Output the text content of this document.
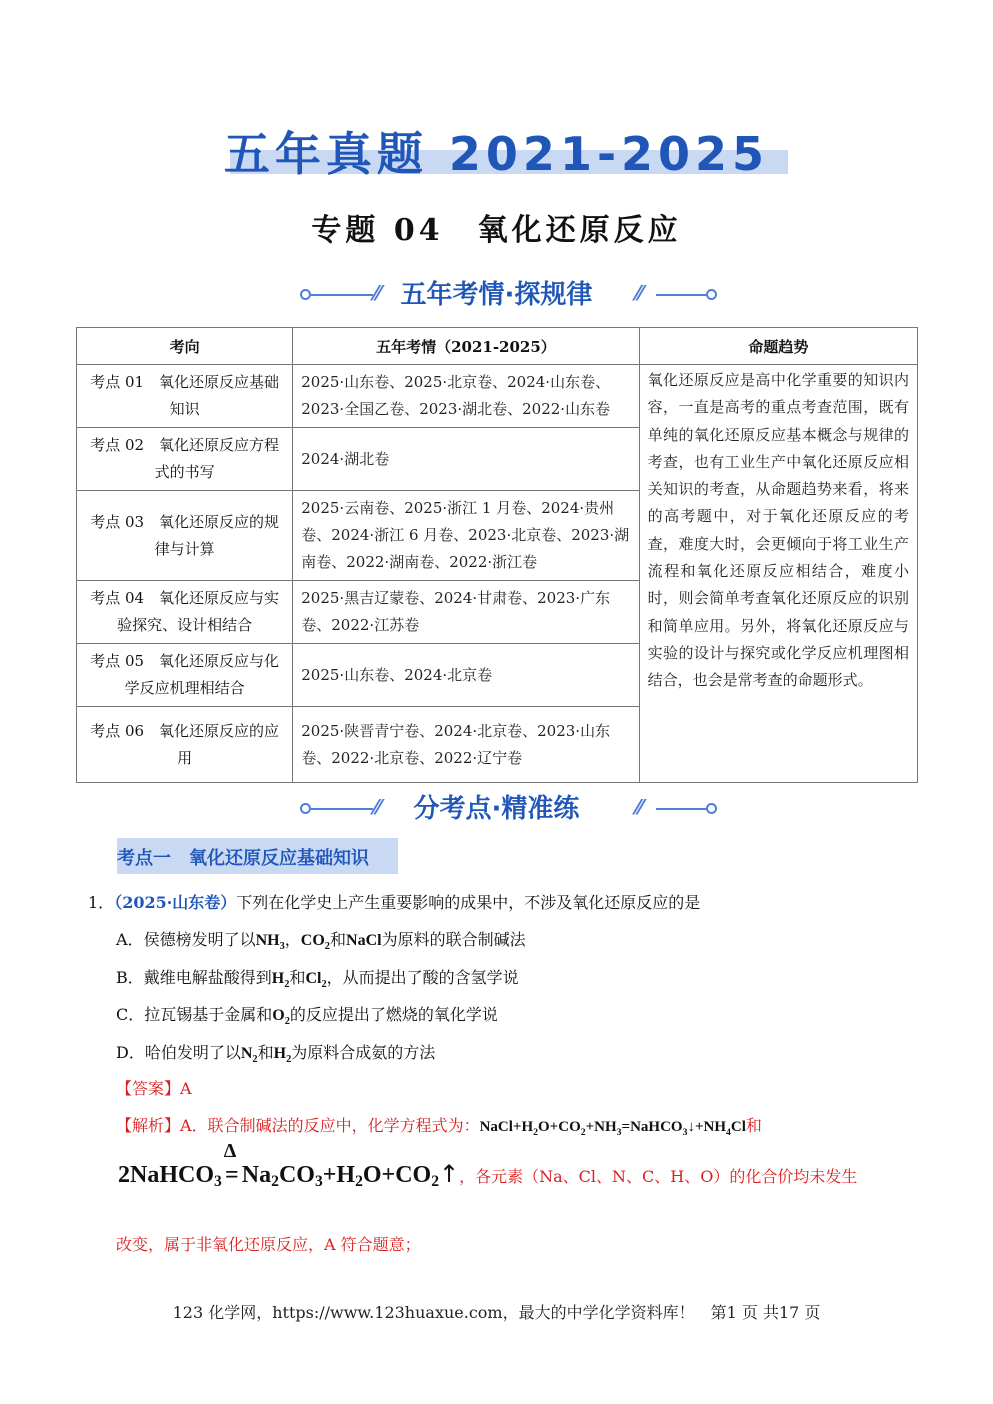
五年真题 2021-2025
专题 04　氧化还原反应
⁄⁄ 五年考情·探规律	⁄⁄
考向	五年考情（2021-2025）	命题趋势
考点 01　氧化还原反应基础知识	2025·山东卷、2025·北京卷、2024·山东卷、2023·全国乙卷、2023·湖北卷、2022·山东卷	氧化还原反应是高中化学重要的知识内容，一直是高考的重点考查范围，既有单纯的氧化还原反应基本概念与规律的考查，也有工业生产中氧化还原反应相关知识的考查，从命题趋势来看，将来的高考题中，对于氧化还原反应的考查，难度大时，会更倾向于将工业生产流程和氧化还原反应相结合，难度小时，则会简单考查氧化还原反应的识别和简单应用。另外，将氧化还原反应与实验的设计与探究或化学反应机理图相结合，也会是常考查的命题形式。
考点 02　氧化还原反应方程式的书写	2024·湖北卷	
考点 03　氧化还原反应的规律与计算	2025·云南卷、2025·浙江 1 月卷、2024·贵州卷、2024·浙江 6 月卷、2023·北京卷、2023·湖南卷、2022·湖南卷、2022·浙江卷	
考点 04　氧化还原反应与实验探究、设计相结合	2025·黑吉辽蒙卷、2024·甘肃卷、2023·广东卷、2022·江苏卷	
考点 05　氧化还原反应与化学反应机理相结合	2025·山东卷、2024·北京卷	
考点 06　氧化还原反应的应用	2025·陕晋青宁卷、2024·北京卷、2023·山东卷、2022·北京卷、2022·辽宁卷	
⁄⁄	分考点·精准练	⁄⁄
考点一　氧化还原反应基础知识
1．（2025·山东卷）下列在化学史上产生重要影响的成果中，不涉及氧化还原反应的是
A．侯德榜发明了以$NH_3$，$CO_2$和NaCl为原料的联合制碱法
B．戴维电解盐酸得到$H_2$和$Cl_2$，从而提出了酸的含氢学说
C．拉瓦锡基于金属和$O_2$的反应提出了燃烧的氧化学说
D．哈伯发明了以$N_2$和$H_2$为原料合成氨的方法
【答案】A
【解析】A．联合制碱法的反应中，化学方程式为：$NaCl+H_2O+CO_2+NH_3=NaHCO_3↓+NH_4Cl$和
2NaHCO$_3$
Δ
= $Na_2CO_3+H_2O+CO_2↑$，各元素（Na、Cl、N、C、H、O）的化合价均未发生
改变，属于非氧化还原反应，A 符合题意；
123 化学网，https://www.123huaxue.com，最大的中学化学资料库！　第1 页 共17 页
